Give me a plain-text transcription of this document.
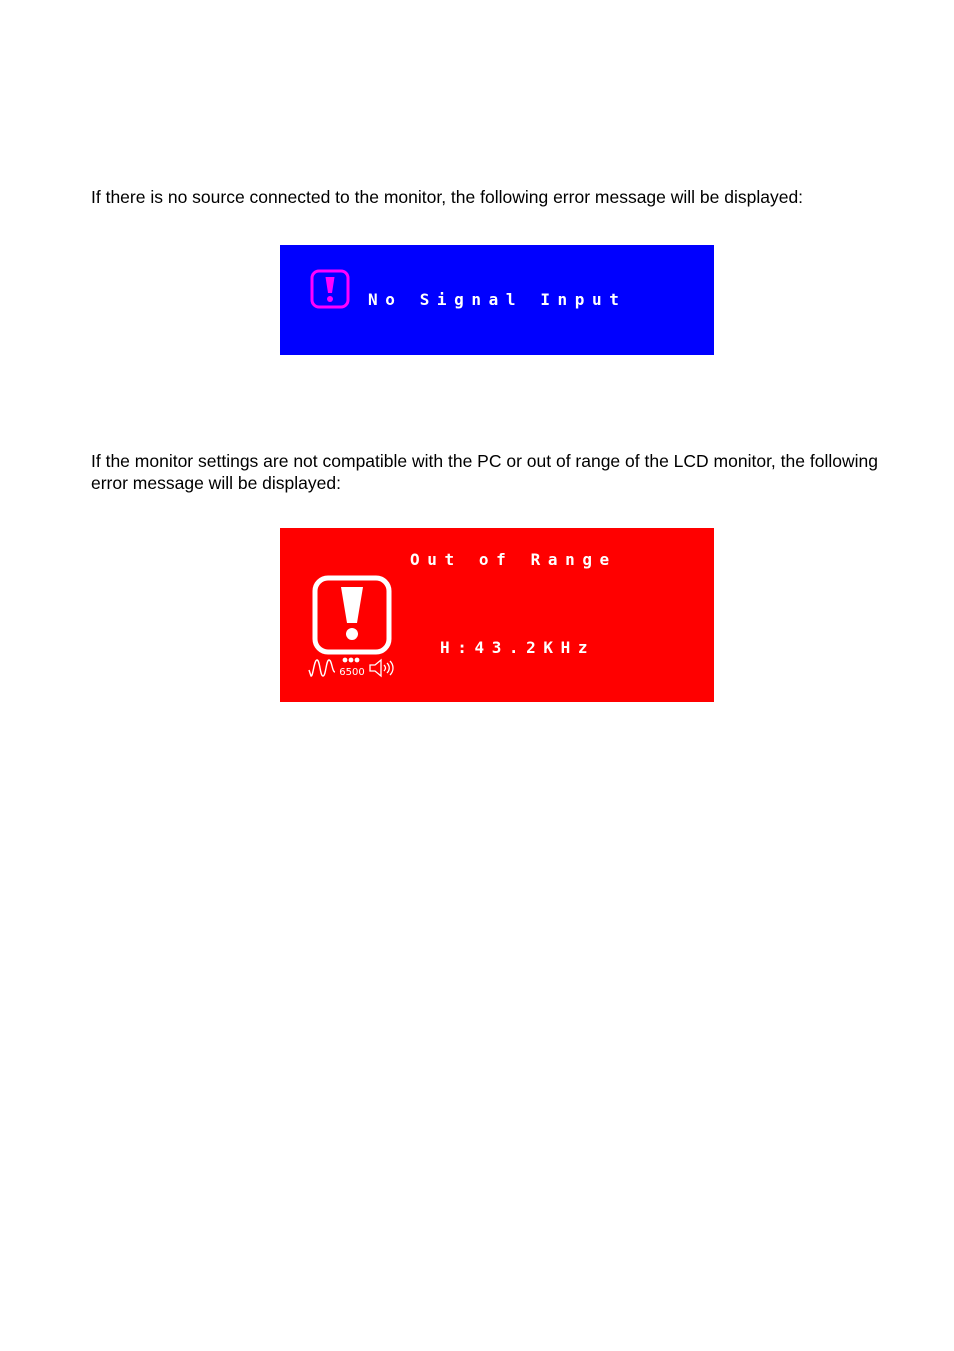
If there is no source connected to the monitor, the following error message will be displayed:

No Signal Input

If the monitor settings are not compatible with the PC or out of range of the LCD monitor, the following error message will be displayed:

Out of Range

H:43.2KHz

V:85.2Hz

Max:1024×768

6500
